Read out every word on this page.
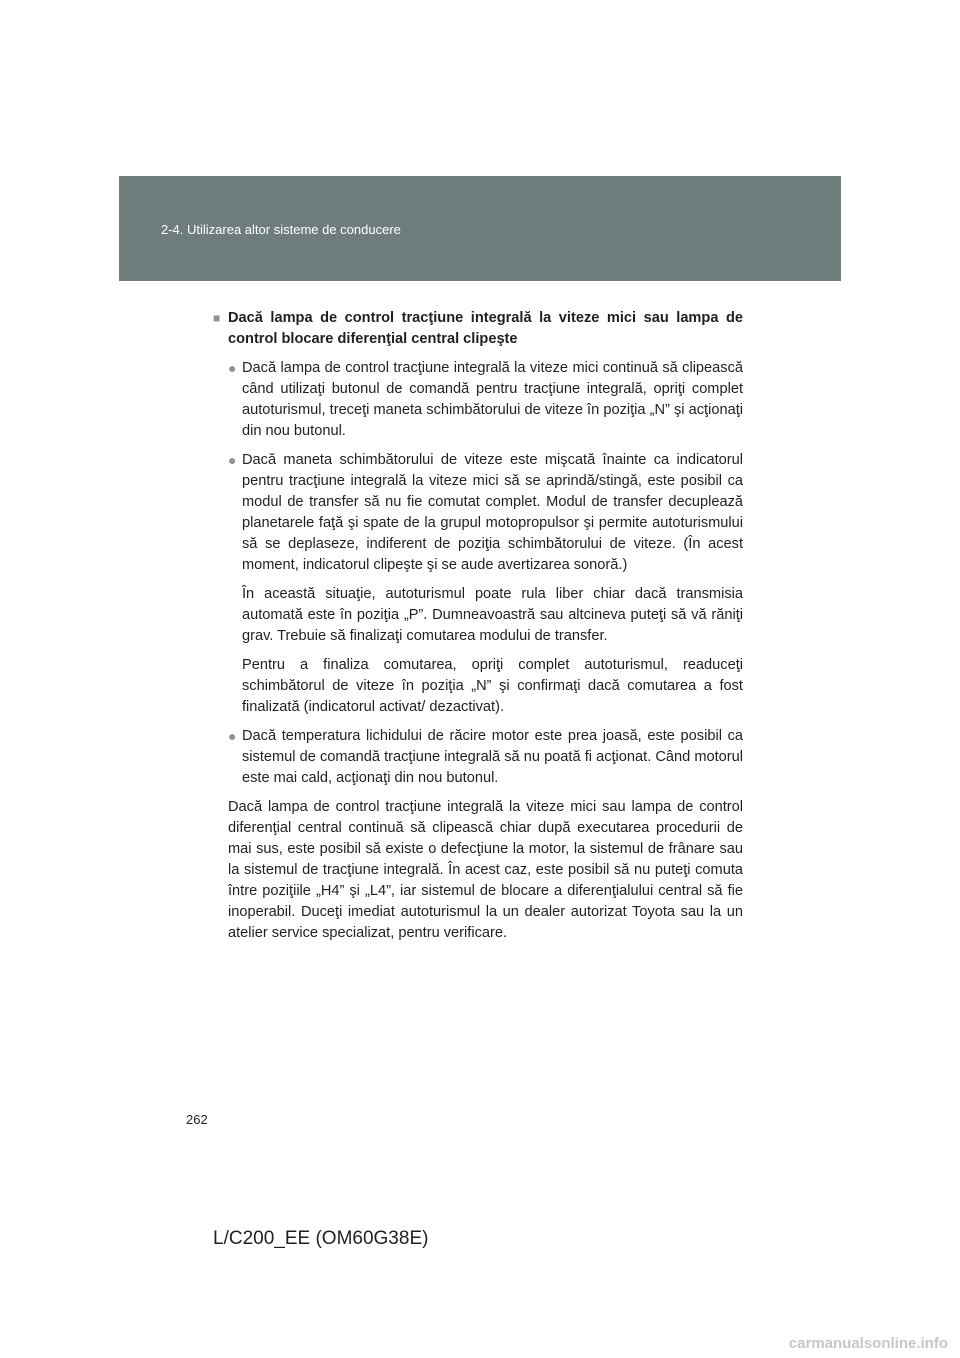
2-4. Utilizarea altor sisteme de conducere
■ Dacă lampa de control tracţiune integrală la viteze mici sau lampa de control blocare diferenţial central clipeşte
● Dacă lampa de control tracţiune integrală la viteze mici continuă să clipească când utilizaţi butonul de comandă pentru tracţiune integrală, opriţi complet autoturismul, treceţi maneta schimbătorului de viteze în poziţia „N” şi acţionaţi din nou butonul.

● Dacă maneta schimbătorului de viteze este mişcată înainte ca indicatorul pentru tracţiune integrală la viteze mici să se aprindă/stingă, este posibil ca modul de transfer să nu fie comutat complet. Modul de transfer decuplează planetarele faţă şi spate de la grupul motopropulsor şi permite autoturismului să se deplaseze, indiferent de poziţia schimbătorului de viteze. (În acest moment, indicatorul clipeşte şi se aude avertizarea sonoră.)

În această situaţie, autoturismul poate rula liber chiar dacă transmisia automată este în poziţia „P”. Dumneavoastră sau altcineva puteţi să vă răniţi grav. Trebuie să finalizaţi comutarea modului de transfer.

Pentru a finaliza comutarea, opriţi complet autoturismul, readuceţi schimbătorul de viteze în poziţia „N” şi confirmaţi dacă comutarea a fost finalizată (indicatorul activat/ dezactivat).

● Dacă temperatura lichidului de răcire motor este prea joasă, este posibil ca sistemul de comandă tracţiune integrală să nu poată fi acţionat. Când motorul este mai cald, acţionaţi din nou butonul.

Dacă lampa de control tracţiune integrală la viteze mici sau lampa de control diferenţial central continuă să clipească chiar după executarea procedurii de mai sus, este posibil să existe o defecţiune la motor, la sistemul de frânare sau la sistemul de tracţiune integrală. În acest caz, este posibil să nu puteţi comuta între poziţiile „H4” şi „L4”, iar sistemul de blocare a diferenţialului central să fie inoperabil. Duceţi imediat autoturismul la un dealer autorizat Toyota sau la un atelier service specializat, pentru verificare.

262
L/C200_EE (OM60G38E)
carmanualsonline.info
